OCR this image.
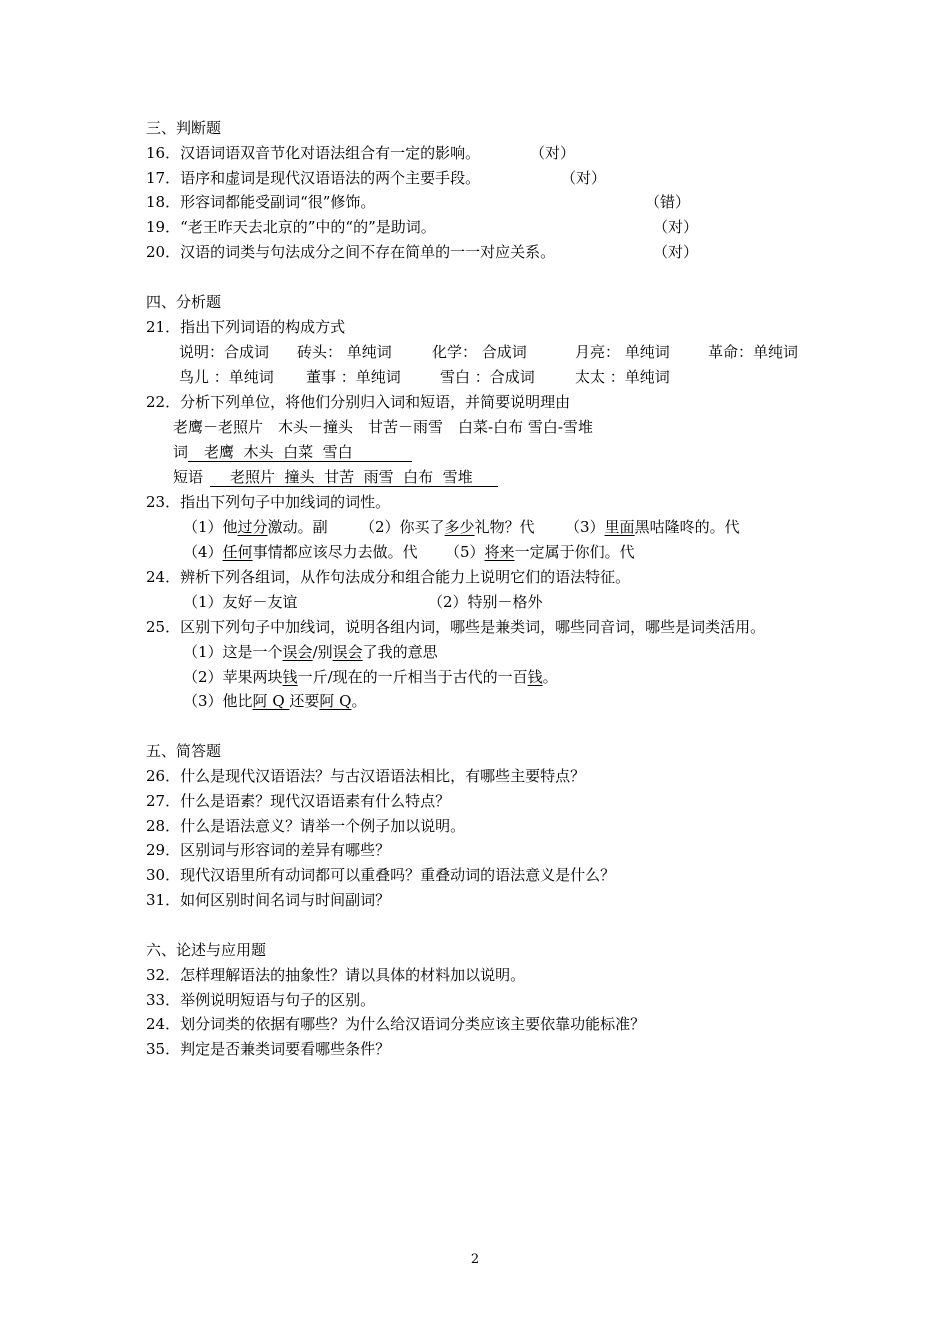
三、判断题
16．汉语词语双音节化对语法组合有一定的影响。	（对）
17．语序和虚词是现代汉语语法的两个主要手段。	（对）
18．形容词都能受副词“很”修饰。	（错）
19．“老王昨天去北京的”中的“的”是助词。	（对）
20．汉语的词类与句法成分之间不存在简单的一一对应关系。	（对）
四、分析题
21．指出下列词语的构成方式
说明：合成词 砖头： 单纯词	化学： 合成词	月亮： 单纯词	革命：单纯词
鸟儿 ：单纯词 董事 ：单纯词	雪白 ：合成词	太太 ：单纯词
22．分析下列单位，将他们分别归入词和短语，并简要说明理由
老鹰－老照片　木头－撞头　甘苦－雨雪　白菜-白布 雪白-雪堆
词 老鹰  木头  白菜  雪白
短语 老照片  撞头  甘苦  雨雪  白布  雪堆
23．指出下列句子中加线词的词性。
（1）他过分激动。副 （2）你买了多少礼物？代 （3）里面黑咕隆咚的。代
（4）任何事情都应该尽力去做。代 （5）将来一定属于你们。代
24．辨析下列各组词，从作句法成分和组合能力上说明它们的语法特征。
（1）友好－友谊	（2）特别－格外
25．区别下列句子中加线词，说明各组内词，哪些是兼类词，哪些同音词，哪些是词类活用。
（1）这是一个误会/别误会了我的意思
（2）苹果两块钱一斤/现在的一斤相当于古代的一百钱。
（3）他比阿 Q 还要阿 Q。
五、简答题
26．什么是现代汉语语法？与古汉语语法相比，有哪些主要特点？
27．什么是语素？现代汉语语素有什么特点？
28．什么是语法意义？请举一个例子加以说明。
29．区别词与形容词的差异有哪些？
30．现代汉语里所有动词都可以重叠吗？重叠动词的语法意义是什么？
31．如何区别时间名词与时间副词？
六、论述与应用题
32．怎样理解语法的抽象性？请以具体的材料加以说明。
33．举例说明短语与句子的区别。
24．划分词类的依据有哪些？为什么给汉语词分类应该主要依靠功能标准？
35．判定是否兼类词要看哪些条件？
2
